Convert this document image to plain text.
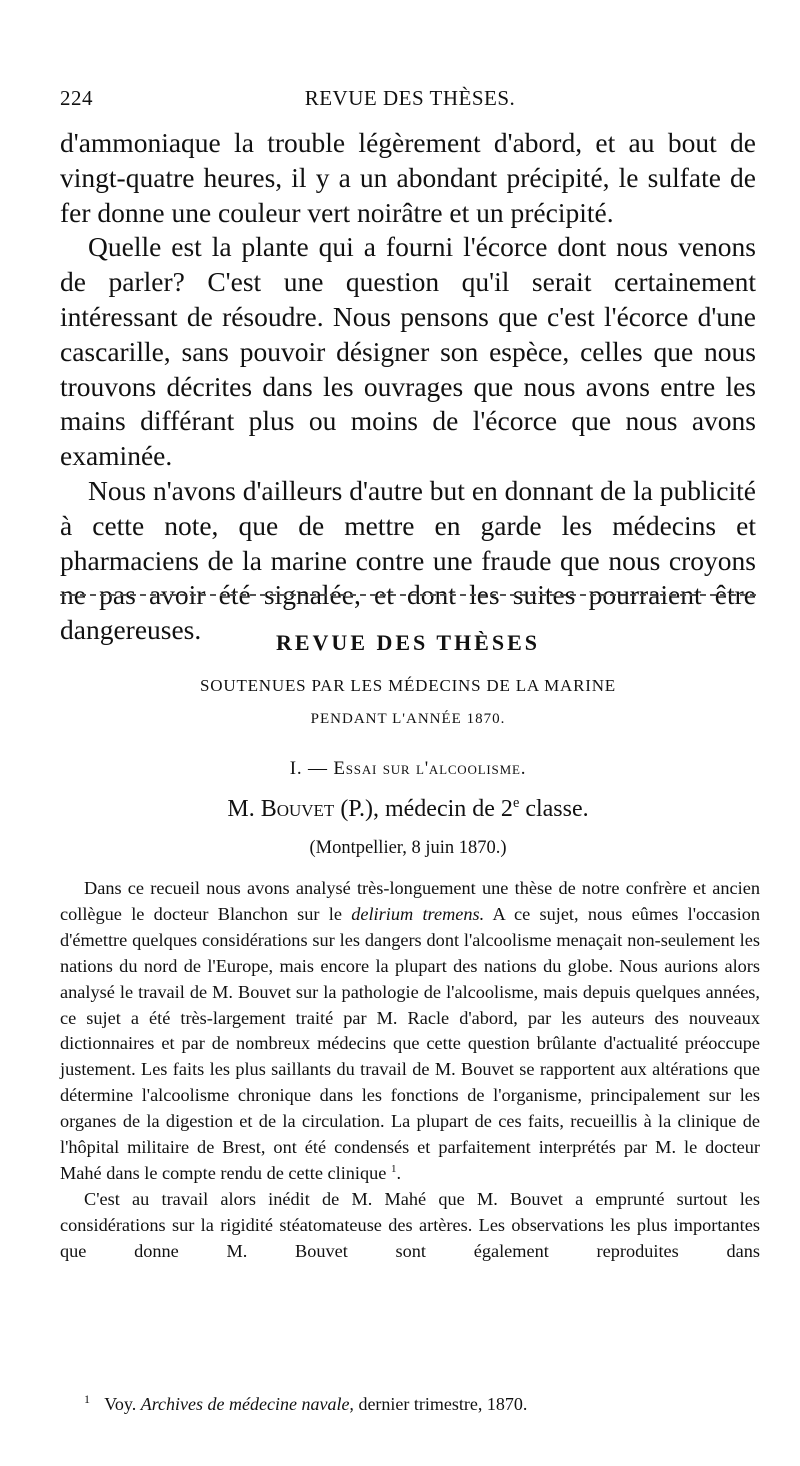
224	REVUE DES THÈSES.

d'ammoniaque la trouble légèrement d'abord, et au bout de vingt-quatre heures, il y a un abondant précipité, le sulfate de fer donne une couleur vert noirâtre et un précipité.

Quelle est la plante qui a fourni l'écorce dont nous venons de parler? C'est une question qu'il serait certainement intéressant de résoudre. Nous pensons que c'est l'écorce d'une cascarille, sans pouvoir désigner son espèce, celles que nous trouvons décrites dans les ouvrages que nous avons entre les mains différant plus ou moins de l'écorce que nous avons examinée.

Nous n'avons d'ailleurs d'autre but en donnant de la publicité à cette note, que de mettre en garde les médecins et pharmaciens de la marine contre une fraude que nous croyons ne pas avoir été signalée, et dont les suites pourraient être dangereuses.	REVUE DES THÈSES
SOUTENUES PAR LES MÉDECINS DE LA MARINE
PENDANT L'ANNÉE 1870.
I. — Essai sur l'alcoolisme.
M. Bouvet (P.), médecin de 2e classe.
(Montpellier, 8 juin 1870.)

Dans ce recueil nous avons analysé très-longuement une thèse de notre confrère et ancien collègue le docteur Blanchon sur le delirium tremens. A ce sujet, nous eûmes l'occasion d'émettre quelques considérations sur les dangers dont l'alcoolisme menaçait non-seulement les nations du nord de l'Europe, mais encore la plupart des nations du globe. Nous aurions alors analysé le travail de M. Bouvet sur la pathologie de l'alcoolisme, mais depuis quelques années, ce sujet a été très-largement traité par M. Racle d'abord, par les auteurs des nouveaux dictionnaires et par de nombreux médecins que cette question brûlante d'actualité préoccupe justement. Les faits les plus saillants du travail de M. Bouvet se rapportent aux altérations que détermine l'alcoolisme chronique dans les fonctions de l'organisme, principalement sur les organes de la digestion et de la circulation. La plupart de ces faits, recueillis à la clinique de l'hôpital militaire de Brest, ont été condensés et parfaitement interprétés par M. le docteur Mahé dans le compte rendu de cette clinique $^1$.

C'est au travail alors inédit de M. Mahé que M. Bouvet a emprunté surtout les considérations sur la rigidité stéatomateuse des artères. Les observations les plus importantes que donne M. Bouvet sont également reproduites dans

$^1$ Voy. Archives de médecine navale, dernier trimestre, 1870.
